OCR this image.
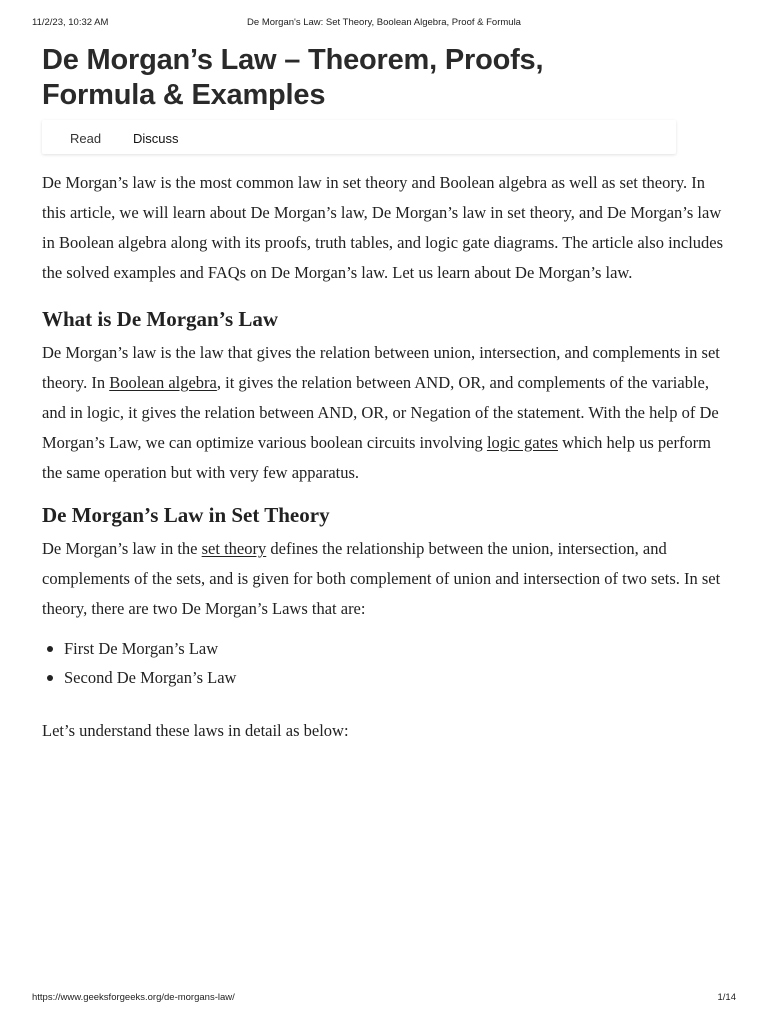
11/2/23, 10:32 AM	De Morgan's Law: Set Theory, Boolean Algebra, Proof & Formula
De Morgan’s Law – Theorem, Proofs,
Formula & Examples
Read Discuss

De Morgan’s law is the most common law in set theory and Boolean algebra as well as set theory. In this article, we will learn about De Morgan’s law, De Morgan’s law in set theory, and De Morgan’s law in Boolean algebra along with its proofs, truth tables, and logic gate diagrams. The article also includes the solved examples and FAQs on De Morgan’s law. Let us learn about De Morgan’s law.

What is De Morgan’s Law

De Morgan’s law is the law that gives the relation between union, intersection, and complements in set theory. In Boolean algebra, it gives the relation between AND, OR, and complements of the variable, and in logic, it gives the relation between AND, OR, or Negation of the statement. With the help of De Morgan’s Law, we can optimize various boolean circuits involving logic gates which help us perform the same operation but with very few apparatus.

De Morgan’s Law in Set Theory

De Morgan’s law in the set theory defines the relationship between the union, intersection, and complements of the sets, and is given for both complement of union and intersection of two sets. In set theory, there are two De Morgan’s Laws that are:

First De Morgan’s Law
Second De Morgan’s Law

Let’s understand these laws in detail as below:

https://www.geeksforgeeks.org/de-morgans-law/	1/14
